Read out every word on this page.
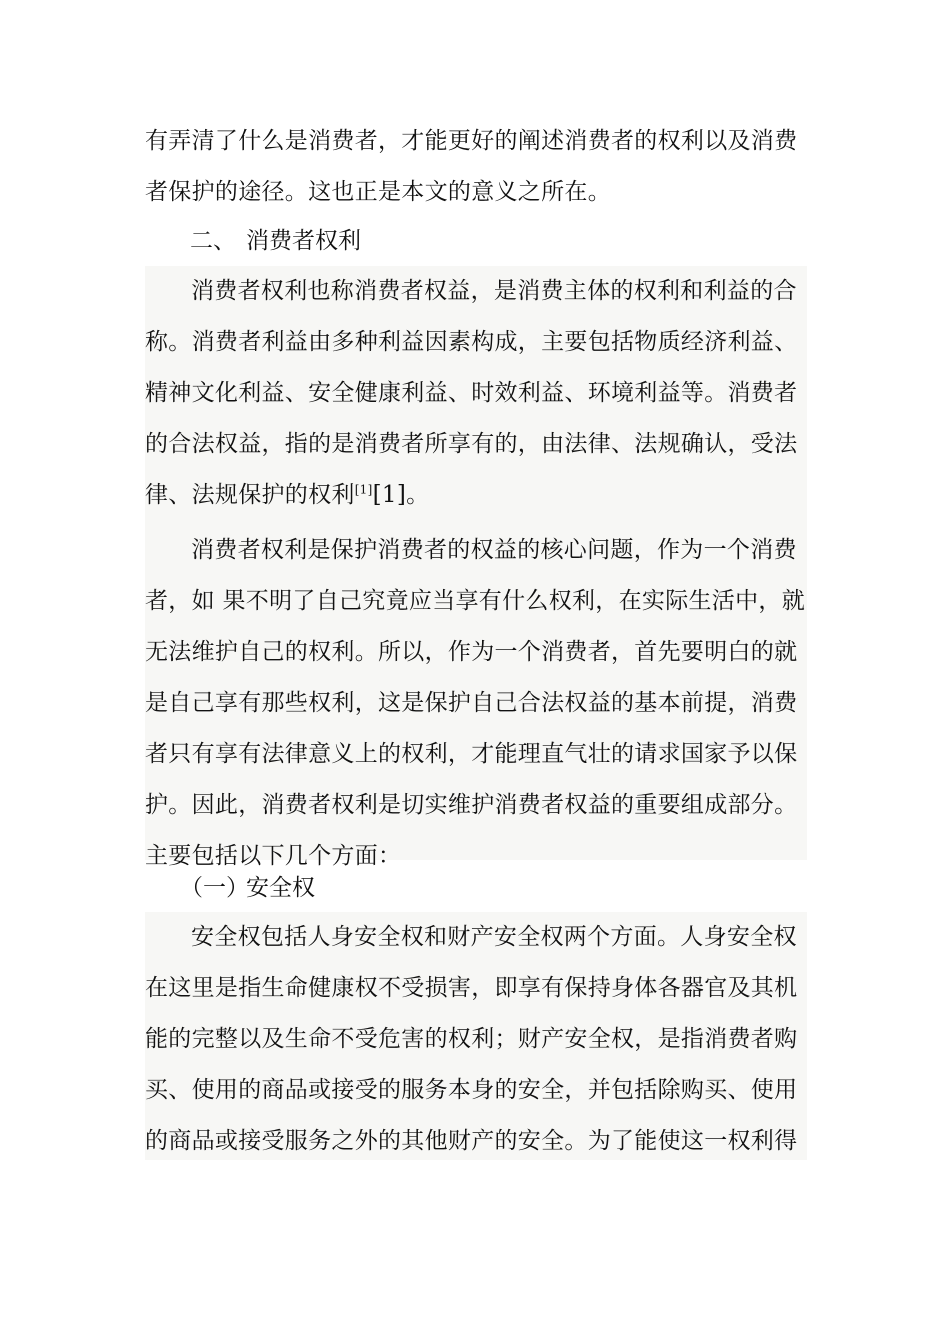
有弄清了什么是消费者，才能更好的阐述消费者的权利以及消费
者保护的途径。这也正是本文的意义之所在。
二、 消费者权利
消费者权利也称消费者权益，是消费主体的权利和利益的合
称。消费者利益由多种利益因素构成，主要包括物质经济利益、
精神文化利益、安全健康利益、时效利益、环境利益等。消费者
的合法权益，指的是消费者所享有的，由法律、法规确认，受法
律、法规保护的权利[1][1]。
消费者权利是保护消费者的权益的核心问题，作为一个消费
者，如 果不明了自己究竟应当享有什么权利，在实际生活中，就
无法维护自己的权利。所以，作为一个消费者，首先要明白的就
是自己享有那些权利，这是保护自己合法权益的基本前提，消费
者只有享有法律意义上的权利，才能理直气壮的请求国家予以保
护。因此，消费者权利是切实维护消费者权益的重要组成部分。
主要包括以下几个方面：
（一）安全权
安全权包括人身安全权和财产安全权两个方面。人身安全权
在这里是指生命健康权不受损害，即享有保持身体各器官及其机
能的完整以及生命不受危害的权利；财产安全权，是指消费者购
买、使用的商品或接受的服务本身的安全，并包括除购买、使用
的商品或接受服务之外的其他财产的安全。为了能使这一权利得
